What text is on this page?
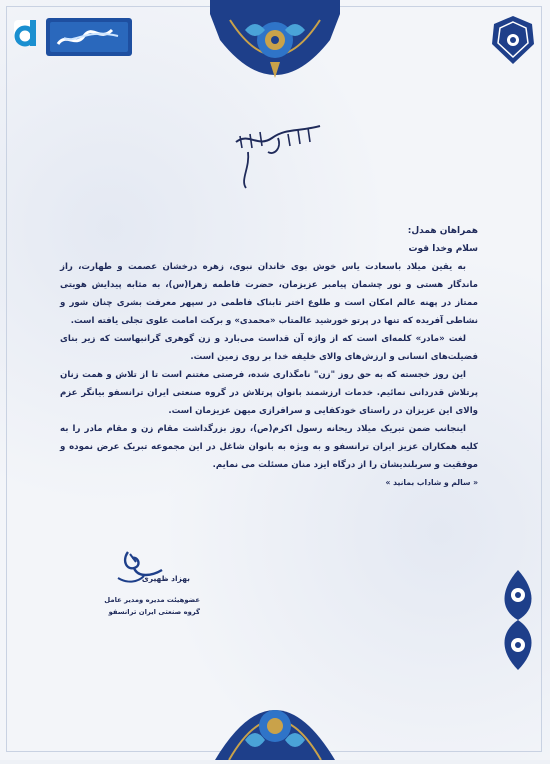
همراهان همدل:

سلام وخدا قوت

به یقین میلاد باسعادت یاس خوش بوی خاندان نبوی، زهره درخشان عصمت و طهارت، راز ماندگار هستی و نور چشمان پیامبر عزیزمان، حضرت فاطمه زهرا(س)، به مثابه پیدایش هویتی ممتاز در پهنه عالم امکان است و طلوع اختر تابناک فاطمی در سپهر معرفت بشری چنان شور و نشاطی آفریده که تنها در پرتو خورشید عالمتاب «محمدی» و برکت امامت علوی تجلی یافته است.

لغت «مادر» کلمه‌ای است که از واژه آن قداست می‌بارد و زن گوهری گرانبهاست که زیر بنای فضیلت‌های انسانی و ارزش‌های والای خلیفه خدا بر روی زمین است.

این روز خجسته که به حق روز "زن" نامگذاری شده، فرصتی مغتنم است تا از تلاش و همت زنان پرتلاش قدردانی نمائیم. خدمات ارزشمند بانوان پرتلاش در گروه صنعتی ایران ترانسفو بیانگر عزم والای این عزیزان در راستای خودکفایی و سرافرازی میهن عزیزمان است.

اینجانب ضمن تبریک میلاد ریحانه رسول اکرم(ص)، روز بزرگداشت مقام زن و مقام مادر را به کلیه همکاران عزیز ایران ترانسفو و به ویژه به بانوان شاغل در این مجموعه تبریک عرض نموده و موفقیت و سربلندیشان را از درگاه ایزد منان مسئلت می نمایم.

« سالم و شاداب بمانید »

بهزاد ظهیری
عضوهیئت مدیره ومدیر عامل
گروه صنعتی ایران ترانسفو
